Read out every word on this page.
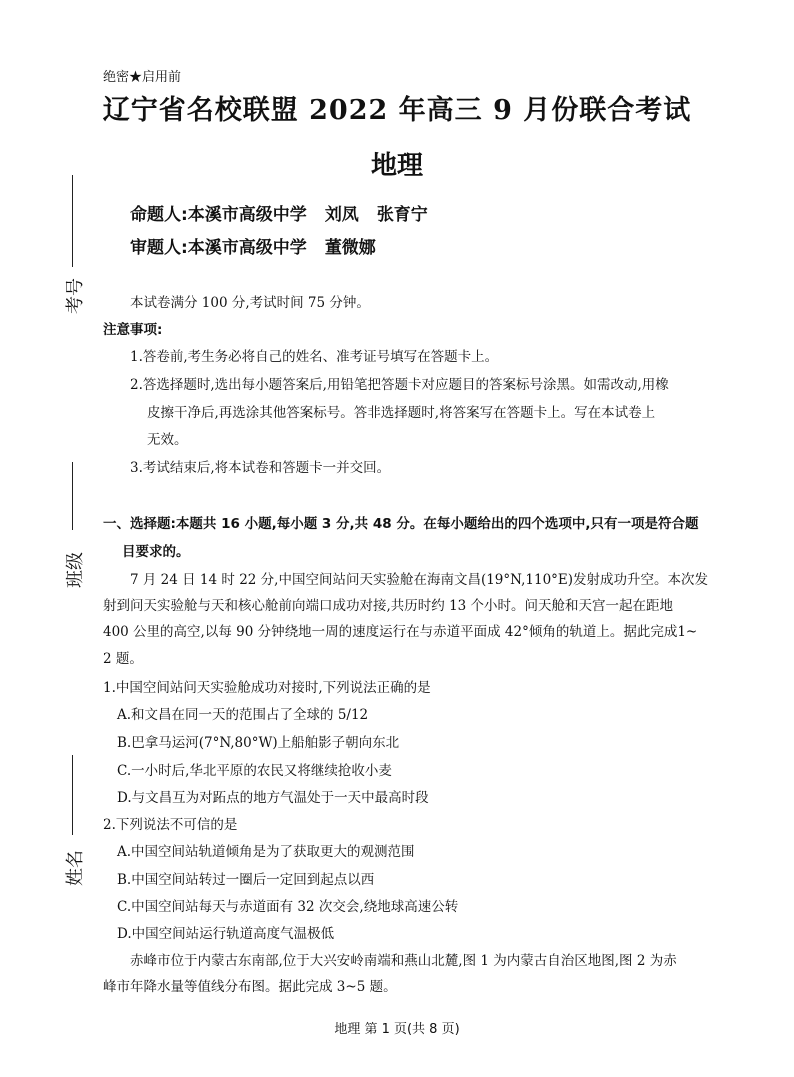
绝密★启用前
辽宁省名校联盟 2022 年高三 9 月份联合考试
地理
命题人:本溪市高级中学 刘凤 张育宁
审题人:本溪市高级中学 董微娜
考号
班级
姓名
本试卷满分 100 分,考试时间 75 分钟。
注意事项:
1.答卷前,考生务必将自己的姓名、准考证号填写在答题卡上。
2.答选择题时,选出每小题答案后,用铅笔把答题卡对应题目的答案标号涂黑。如需改动,用橡
皮擦干净后,再选涂其他答案标号。答非选择题时,将答案写在答题卡上。写在本试卷上
无效。
3.考试结束后,将本试卷和答题卡一并交回。
一、选择题:本题共 16 小题,每小题 3 分,共 48 分。在每小题给出的四个选项中,只有一项是符合题
目要求的。
7 月 24 日 14 时 22 分,中国空间站问天实验舱在海南文昌(19°N,110°E)发射成功升空。本次发
射到问天实验舱与天和核心舱前向端口成功对接,共历时约 13 个小时。问天舱和天宫一起在距地
400 公里的高空,以每 90 分钟绕地一周的速度运行在与赤道平面成 42°倾角的轨道上。据此完成1~
2 题。
1.中国空间站问天实验舱成功对接时,下列说法正确的是
A.和文昌在同一天的范围占了全球的 5/12
B.巴拿马运河(7°N,80°W)上船舶影子朝向东北
C.一小时后,华北平原的农民又将继续抢收小麦
D.与文昌互为对跖点的地方气温处于一天中最高时段
2.下列说法不可信的是
A.中国空间站轨道倾角是为了获取更大的观测范围
B.中国空间站转过一圈后一定回到起点以西
C.中国空间站每天与赤道面有 32 次交会,绕地球高速公转
D.中国空间站运行轨道高度气温极低
赤峰市位于内蒙古东南部,位于大兴安岭南端和燕山北麓,图 1 为内蒙古自治区地图,图 2 为赤
峰市年降水量等值线分布图。据此完成 3~5 题。
地理 第 1 页(共 8 页)
